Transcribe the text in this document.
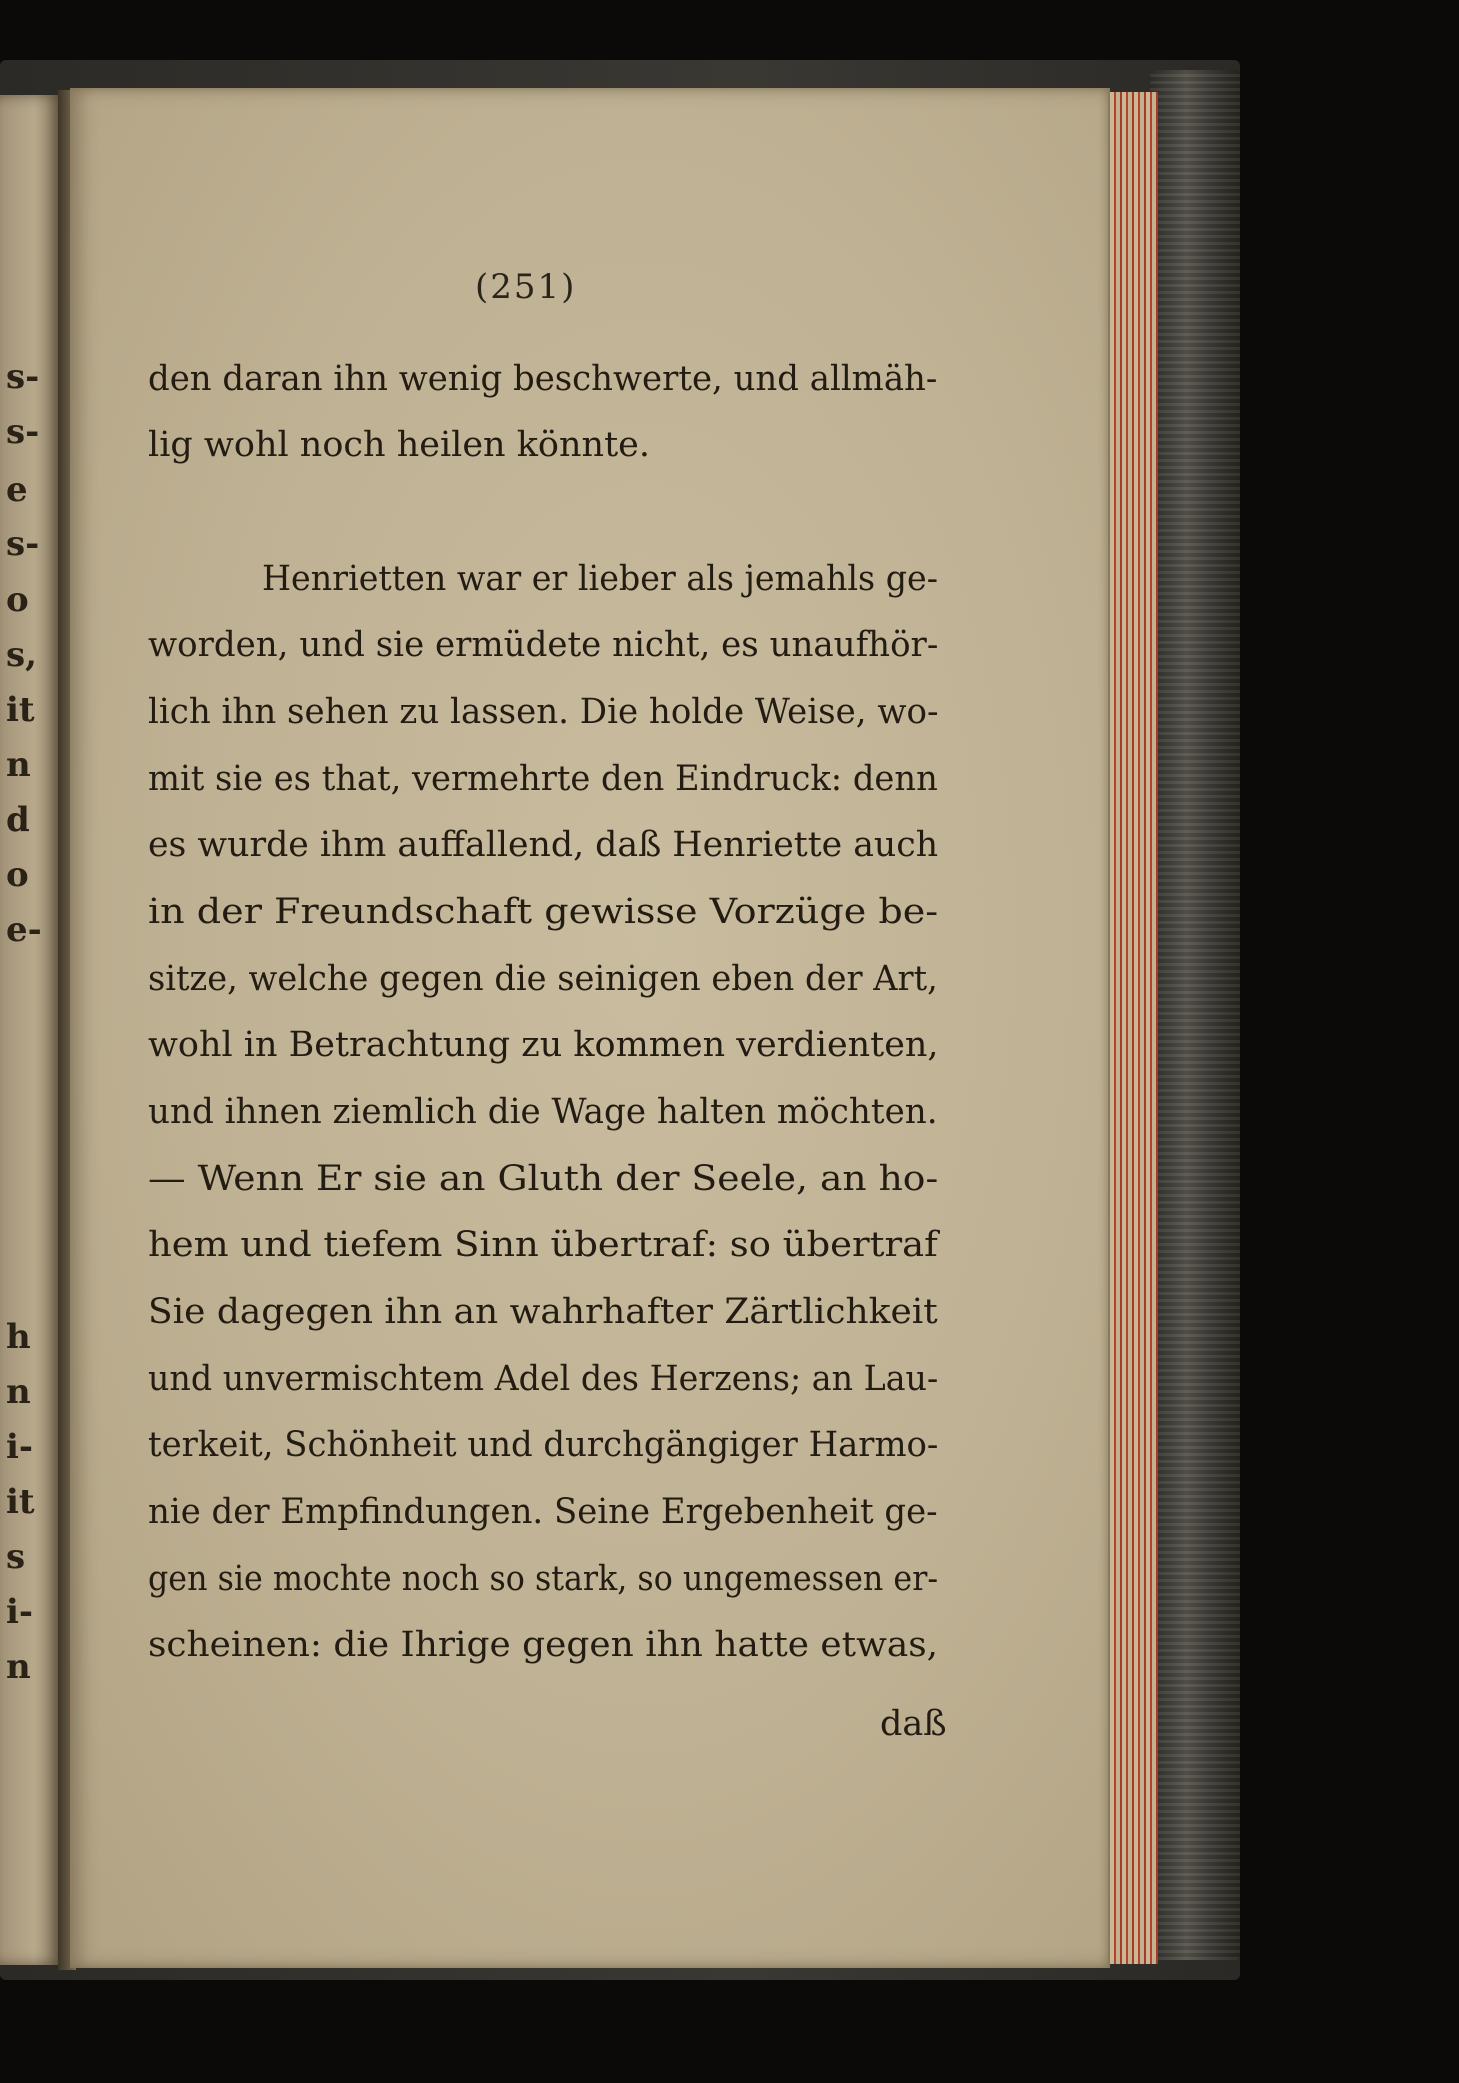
s-
s-
e
s-
o
s,
it
n
d
o
e-
h
n
i-
it
s
i-
n
(251)
den daran ihn wenig beschwerte, und allmäh-
lig wohl noch heilen könnte.
Henrietten war er lieber als jemahls ge-
worden, und sie ermüdete nicht, es unaufhör-
lich ihn sehen zu lassen. Die holde Weise, wo-
mit sie es that, vermehrte den Eindruck: denn
es wurde ihm auffallend, daß Henriette auch
in der Freundschaft gewisse Vorzüge be-
sitze, welche gegen die seinigen eben der Art,
wohl in Betrachtung zu kommen verdienten,
und ihnen ziemlich die Wage halten möchten.
— Wenn Er sie an Gluth der Seele, an ho-
hem und tiefem Sinn übertraf: so übertraf
Sie dagegen ihn an wahrhafter Zärtlichkeit
und unvermischtem Adel des Herzens; an Lau-
terkeit, Schönheit und durchgängiger Harmo-
nie der Empfindungen. Seine Ergebenheit ge-
gen sie mochte noch so stark, so ungemessen er-
scheinen: die Ihrige gegen ihn hatte etwas,
daß
